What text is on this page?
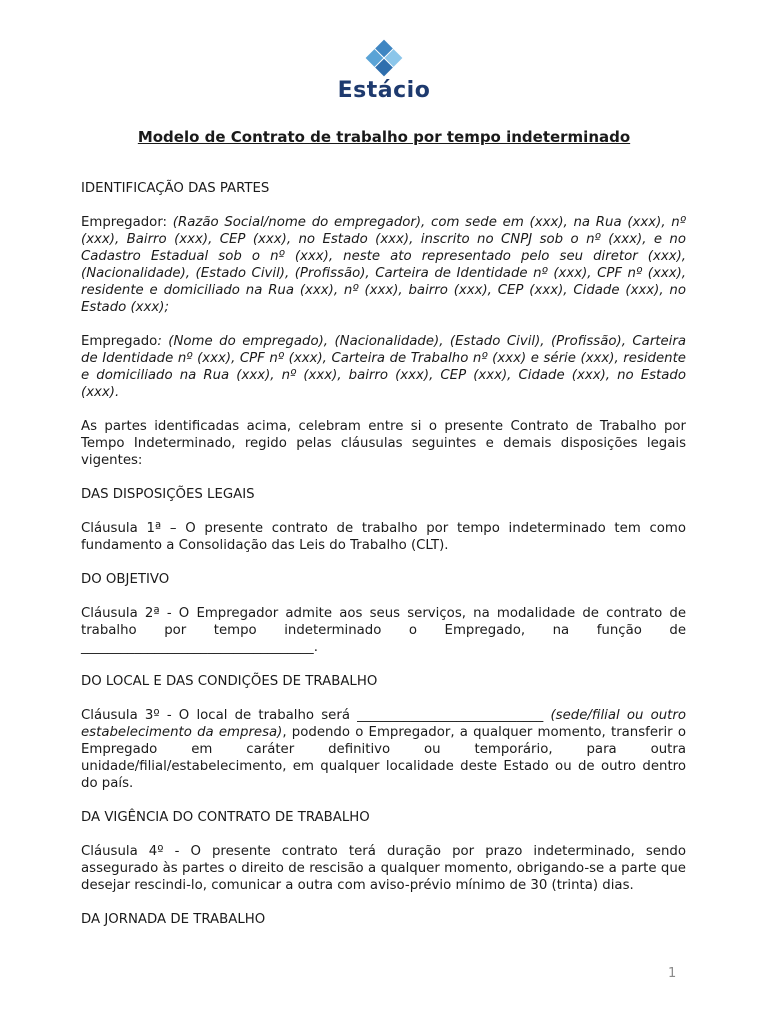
Estácio
Modelo de Contrato de trabalho por tempo indeterminado

IDENTIFICAÇÃO DAS PARTES

Empregador: (Razão Social/nome do empregador), com sede em (xxx), na Rua (xxx), nº (xxx), Bairro (xxx), CEP (xxx), no Estado (xxx), inscrito no CNPJ sob o nº (xxx), e no Cadastro Estadual sob o nº (xxx), neste ato representado pelo seu diretor (xxx), (Nacionalidade), (Estado Civil), (Profissão), Carteira de Identidade nº (xxx), CPF nº (xxx), residente e domiciliado na Rua (xxx), nº (xxx), bairro (xxx), CEP (xxx), Cidade (xxx), no Estado (xxx);

Empregado: (Nome do empregado), (Nacionalidade), (Estado Civil), (Profissão), Carteira de Identidade nº (xxx), CPF nº (xxx), Carteira de Trabalho nº (xxx) e série (xxx), residente e domiciliado na Rua (xxx), nº (xxx), bairro (xxx), CEP (xxx), Cidade (xxx), no Estado (xxx).

As partes identificadas acima, celebram entre si o presente Contrato de Trabalho por Tempo Indeterminado, regido pelas cláusulas seguintes e demais disposições legais vigentes:

DAS DISPOSIÇÕES LEGAIS

Cláusula 1ª – O presente contrato de trabalho por tempo indeterminado tem como fundamento a Consolidação das Leis do Trabalho (CLT).

DO OBJETIVO

Cláusula 2ª - O Empregador admite aos seus serviços, na modalidade de contrato de trabalho por tempo indeterminado o Empregado, na função de ___________________________________.

DO LOCAL E DAS CONDIÇÕES DE TRABALHO

Cláusula 3º - O local de trabalho será ____________________________ (sede/filial ou outro estabelecimento da empresa), podendo o Empregador, a qualquer momento, transferir o Empregado em caráter definitivo ou temporário, para outra unidade/filial/estabelecimento, em qualquer localidade deste Estado ou de outro dentro do país.

DA VIGÊNCIA DO CONTRATO DE TRABALHO

Cláusula 4º - O presente contrato terá duração por prazo indeterminado, sendo assegurado às partes o direito de rescisão a qualquer momento, obrigando-se a parte que desejar rescindi-lo, comunicar a outra com aviso-prévio mínimo de 30 (trinta) dias.

DA JORNADA DE TRABALHO

1
